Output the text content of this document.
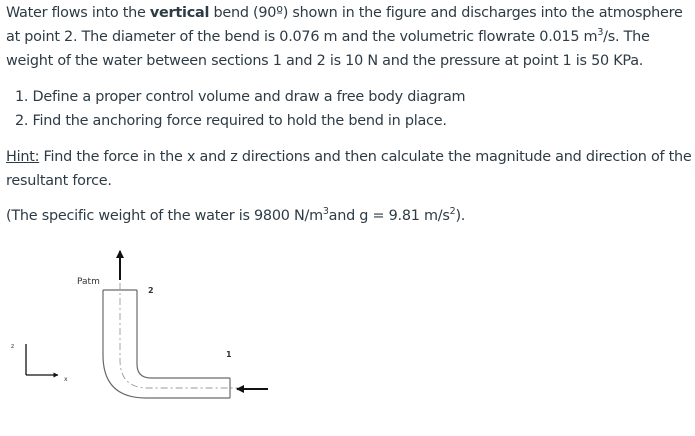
Water flows into the vertical bend (90º) shown in the figure and discharges into the atmosphere at point 2. The diameter of the bend is 0.076 m and the volumetric flowrate 0.015 $m^3/s$. The weight of the water between sections 1 and 2 is 10 N and the pressure at point 1 is 50 KPa.
1. Define a proper control volume and draw a free body diagram
2. Find the anchoring force required to hold the bend in place.
Hint: Find the force in the x and z directions and then calculate the magnitude and direction of the resultant force.
(The specific weight of the water is 9800 $N/m^3and$ g = 9.81 $m/s^2$).
Patm
2
1
z
x
